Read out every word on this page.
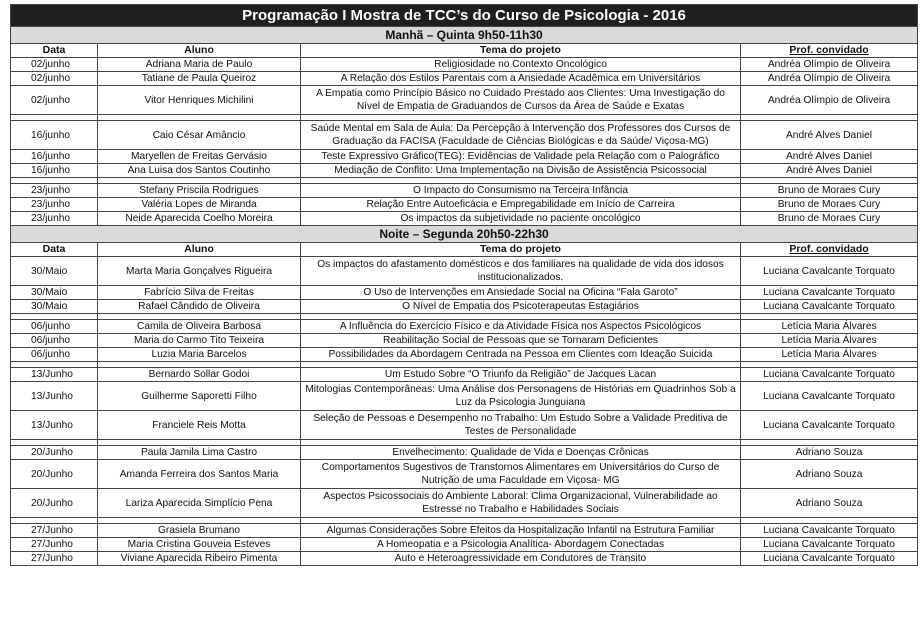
Programação I Mostra de TCC’s do Curso de Psicologia - 2016			
Manhã – Quinta 9h50-11h30			
Data	Aluno	Tema do projeto	Prof. convidado
02/junho	Adriana Maria de Paulo	Religiosidade no Contexto Oncológico	Andréa Olímpio de Oliveira
02/junho	Tatiane de Paula Queiroz	A Relação dos Estilos Parentais com a Ansiedade Acadêmica em Universitários	Andréa Olímpio de Oliveira
02/junho	Vitor Henriques Michilini	A Empatia como Princípio Básico no Cuidado Prestado aos Clientes: Uma Investigação do Nível de Empatia de Graduandos de Cursos da Área de Saúde e Exatas	Andréa Olímpio de Oliveira

16/junho	Caio César Amâncio	Saúde Mental em Sala de Aula: Da Percepção à Intervenção dos Professores dos Cursos de Graduação da FACISA (Faculdade de Ciências Biológicas e da Saúde/ Viçosa-MG)	André Alves Daniel
16/junho	Maryellen de Freitas Gervásio	Teste Expressivo Gráfico(TEG): Evidências de Validade pela Relação com o Palográfico	André Alves Daniel
16/junho	Ana Luisa dos Santos Coutinho	Mediação de Conflito: Uma Implementação na Divisão de Assistência Psicossocial	André Alves Daniel

23/junho	Stefany Priscila Rodrigues	O Impacto do Consumismo na Terceira Infância	Bruno de Moraes Cury
23/junho	Valéria Lopes de Miranda	Relação Entre Autoeficácia e Empregabilidade em Início de Carreira	Bruno de Moraes Cury
23/junho	Neide Aparecida Coelho Moreira	Os impactos da subjetividade no paciente oncológico	Bruno de Moraes Cury
Noite – Segunda 20h50-22h30			
Data	Aluno	Tema do projeto	Prof. convidado
30/Maio	Marta Maria Gonçalves Rigueira	Os impactos do afastamento domésticos e dos familiares na qualidade de vida dos idosos institucionalizados.	Luciana Cavalcante Torquato
30/Maio	Fabrício Silva de Freitas	O Uso de Intervenções em Ansiedade Social na Oficina “Fala Garoto”	Luciana Cavalcante Torquato
30/Maio	Rafael Cândido de Oliveira	O Nível de Empatia dos Psicoterapeutas Estagiários	Luciana Cavalcante Torquato

06/junho	Camila de Oliveira Barbosa	A Influência do Exercício Físico e da Atividade Física nos Aspectos Psicológicos	Letícia Maria Álvares
06/junho	Maria do Carmo Tito Teixeira	Reabilitação Social de Pessoas que se Tornaram Deficientes	Letícia Maria Álvares
06/junho	Luzia Maria Barcelos	Possibilidades da Abordagem Centrada na Pessoa em Clientes com Ideação Suicida	Letícia Maria Álvares

13/Junho	Bernardo Sollar Godoi	Um Estudo Sobre “O Triunfo da Religião” de Jacques Lacan	Luciana Cavalcante Torquato
13/Junho	Guilherme Saporetti Filho	Mitologias Contemporâneas: Uma Análise dos Personagens de Histórias em Quadrinhos Sob a Luz da Psicologia Junguiana	Luciana Cavalcante Torquato
13/Junho	Franciele Reis Motta	Seleção de Pessoas e Desempenho no Trabalho: Um Estudo Sobre a Validade Preditiva de Testes de Personalidade	Luciana Cavalcante Torquato

20/Junho	Paula Jamila Lima Castro	Envelhecimento: Qualidade de Vida e Doenças Crônicas	Adriano Souza
20/Junho	Amanda Ferreira dos Santos Maria	Comportamentos Sugestivos de Transtornos Alimentares em Universitários do Curso de Nutrição de uma Faculdade em Viçosa- MG	Adriano Souza
20/Junho	Lariza Aparecida Simplício Pena	Aspectos Psicossociais do Ambiente Laboral: Clima Organizacional, Vulnerabilidade ao Estresse no Trabalho e Habilidades Sociais	Adriano Souza

27/Junho	Grasiela Brumano	Algumas Considerações Sobre Efeitos da Hospitalização Infantil na Estrutura Familiar	Luciana Cavalcante Torquato
27/Junho	Maria Cristina Gouveia Esteves	A Homeopatia e a Psicologia Analítica- Abordagem Conectadas	Luciana Cavalcante Torquato
27/Junho	Viviane Aparecida Ribeiro Pimenta	Auto e Heteroagressividade em Condutores de Transito	Luciana Cavalcante Torquato
